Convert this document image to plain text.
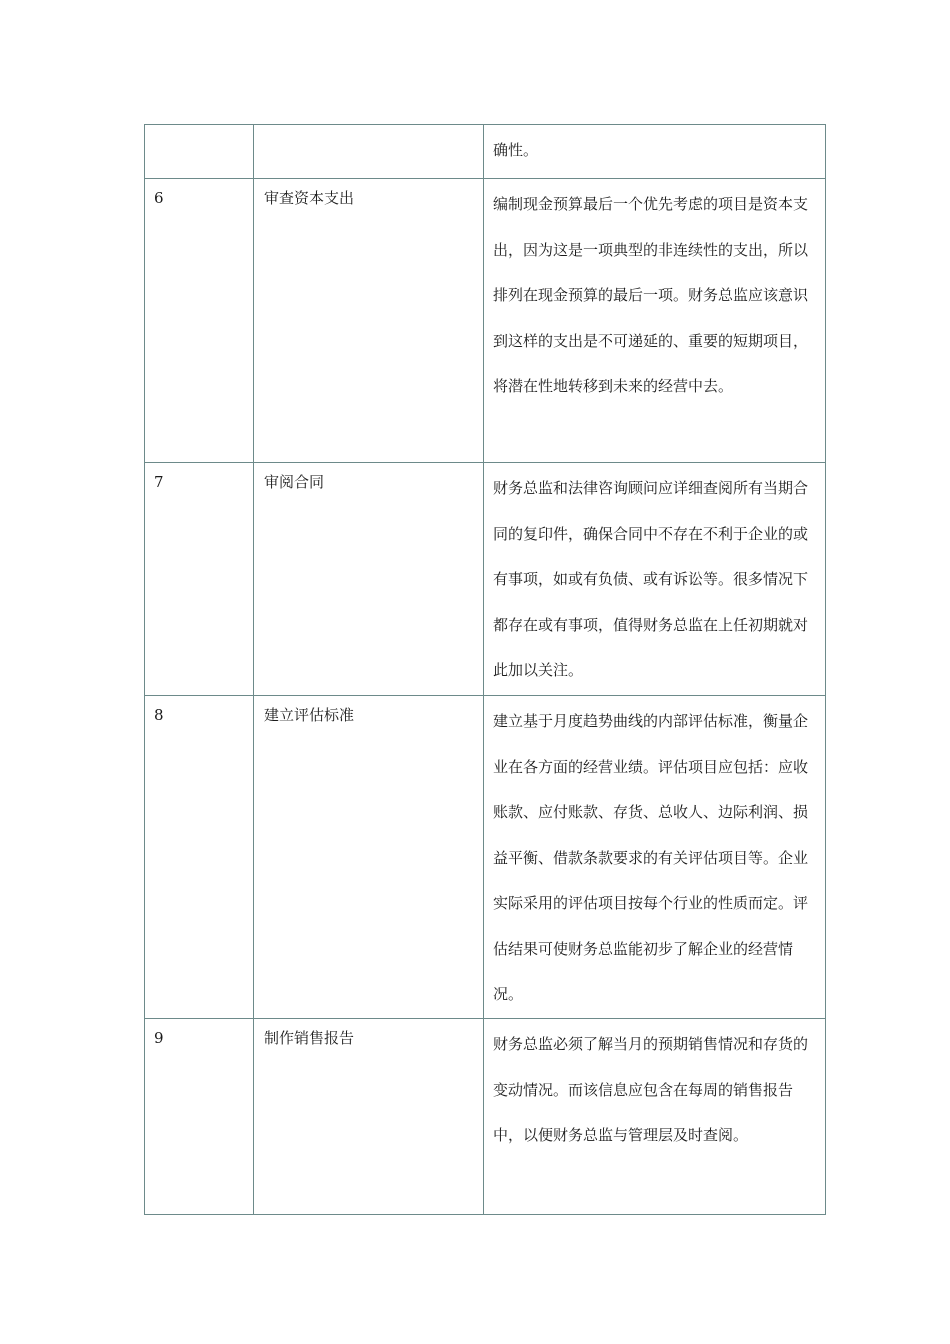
		确性。

6	审查资本支出	编制现金预算最后一个优先考虑的项目是资本支出，因为这是一项典型的非连续性的支出，所以排列在现金预算的最后一项。财务总监应该意识到这样的支出是不可递延的、重要的短期项目，将潜在性地转移到未来的经营中去。

7	审阅合同	财务总监和法律咨询顾问应详细查阅所有当期合同的复印件，确保合同中不存在不利于企业的或有事项，如或有负债、或有诉讼等。很多情况下都存在或有事项，值得财务总监在上任初期就对此加以关注。

8	建立评估标准	建立基于月度趋势曲线的内部评估标准，衡量企业在各方面的经营业绩。评估项目应包括：应收账款、应付账款、存货、总收人、边际利润、损益平衡、借款条款要求的有关评估项目等。企业实际采用的评估项目按每个行业的性质而定。评估结果可使财务总监能初步了解企业的经营情况。

9	制作销售报告	财务总监必须了解当月的预期销售情况和存货的变动情况。而该信息应包含在每周的销售报告中，以便财务总监与管理层及时查阅。
